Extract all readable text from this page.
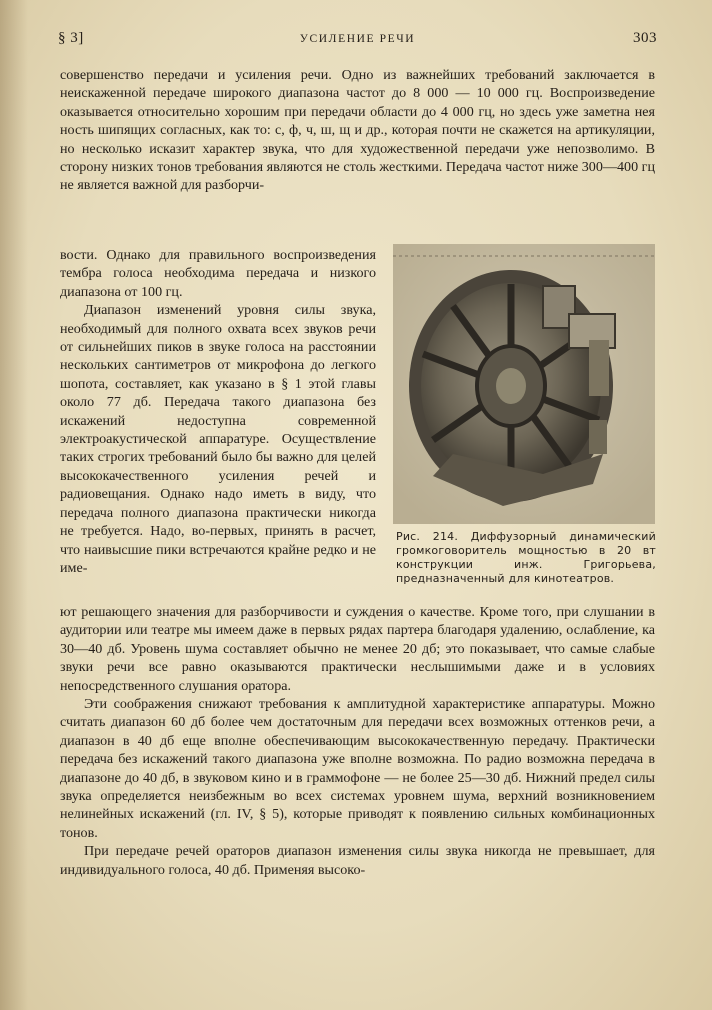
§ 3]	УСИЛЕНИЕ РЕЧИ	303

совершенство передачи и усиления речи. Одно из важнейших требований заключается в неискаженной передаче широкого диапазона частот до 8 000 — 10 000 гц. Воспроизведение оказывается относительно хорошим при передачи области до 4 000 гц, но здесь уже заметна нея ность шипящих согласных, как то: с, ф, ч, ш, щ и др., которая почти не скажется на артикуляции, но несколько исказит характер звука, что для художественной передачи уже непозволимо. В сторону низких тонов требования являются не столь жесткими. Передача частот ниже 300—400 гц не является важной для разборчи-

вости. Однако для правильного воспроизведения тембра голоса необходима передача и низкого диапазона от 100 гц.

Диапазон изменений уровня силы звука, необходимый для полного охвата всех звуков речи от сильнейших пиков в звуке голоса на расстоянии нескольких сантиметров от микрофона до легкого шопота, составляет, как указано в § 1 этой главы около 77 дб. Передача такого диапазона без искажений недоступна современной электроакустической аппаратуре. Осуществление таких строгих требований было бы важно для целей высококачественного усиления речей и радиовещания. Однако надо иметь в виду, что передача полного диапазона практически никогда не требуется. Надо, во-первых, принять в расчет, что наивысшие пики встречаются крайне редко и не име-

Рис. 214. Диффузорный динамический громкоговоритель мощностью в 20 вт конструкции инж. Григорьева, предназначенный для кинотеатров.

ют решающего значения для разборчивости и суждения о качестве. Кроме того, при слушании в аудитории или театре мы имеем даже в первых рядах партера благодаря удалению, ослабление, ка 30—40 дб. Уровень шума составляет обычно не менее 20 дб; это показывает, что самые слабые звуки речи все равно оказываются практически неслышимыми даже и в условиях непосредственного слушания оратора.

Эти соображения снижают требования к амплитудной характеристике аппаратуры. Можно считать диапазон 60 дб более чем достаточным для передачи всех возможных оттенков речи, а диапазон в 40 дб еще вполне обеспечивающим высококачественную передачу. Практически передача без искажений такого диапазона уже вполне возможна. По радио возможна передача в диапазоне до 40 дб, в звуковом кино и в граммофоне — не более 25—30 дб. Нижний предел силы звука определяется неизбежным во всех системах уровнем шума, верхний возникновением нелинейных искажений (гл. IV, § 5), которые приводят к появлению сильных комбинационных тонов.

При передаче речей ораторов диапазон изменения силы звука никогда не превышает, для индивидуального голоса, 40 дб. Применяя высоко-
